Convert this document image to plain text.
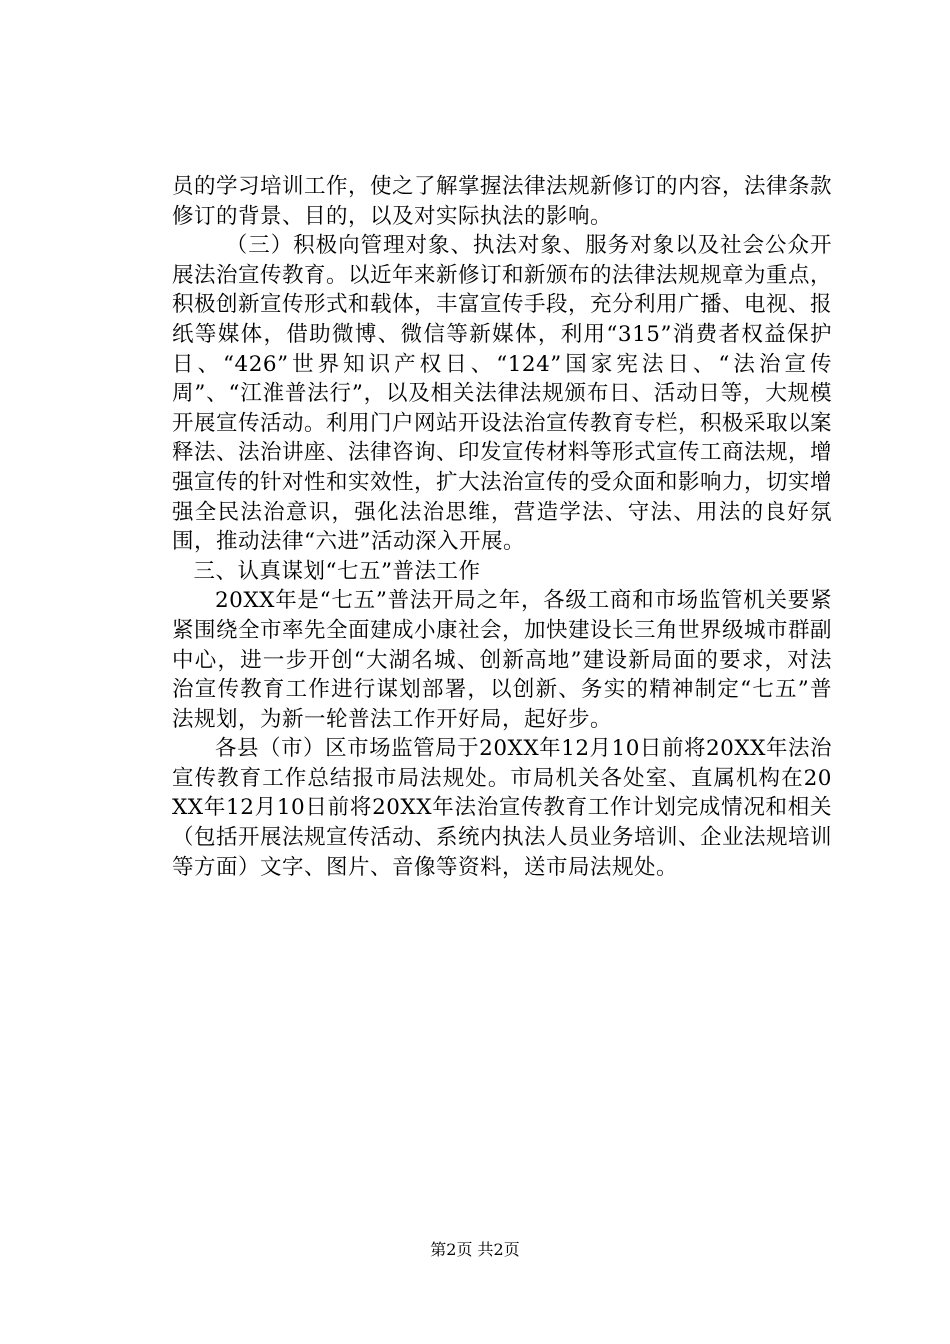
员的学习培训工作，使之了解掌握法律法规新修订的内容，法律条款修订的背景、目的，以及对实际执法的影响。

（三）积极向管理对象、执法对象、服务对象以及社会公众开展法治宣传教育。以近年来新修订和新颁布的法律法规规章为重点，积极创新宣传形式和载体，丰富宣传手段，充分利用广播、电视、报纸等媒体，借助微博、微信等新媒体，利用“315”消费者权益保护日、“426”世界知识产权日、“124”国家宪法日、“法治宣传周”、“江淮普法行”，以及相关法律法规颁布日、活动日等，大规模开展宣传活动。利用门户网站开设法治宣传教育专栏，积极采取以案释法、法治讲座、法律咨询、印发宣传材料等形式宣传工商法规，增强宣传的针对性和实效性，扩大法治宣传的受众面和影响力，切实增强全民法治意识，强化法治思维，营造学法、守法、用法的良好氛围，推动法律“六进”活动深入开展。

三、认真谋划“七五”普法工作

20XX年是“七五”普法开局之年，各级工商和市场监管机关要紧紧围绕全市率先全面建成小康社会，加快建设长三角世界级城市群副中心，进一步开创“大湖名城、创新高地”建设新局面的要求，对法治宣传教育工作进行谋划部署，以创新、务实的精神制定“七五”普法规划，为新一轮普法工作开好局，起好步。

各县（市）区市场监管局于20XX年12月10日前将20XX年法治宣传教育工作总结报市局法规处。市局机关各处室、直属机构在20XX年12月10日前将20XX年法治宣传教育工作计划完成情况和相关（包括开展法规宣传活动、系统内执法人员业务培训、企业法规培训等方面）文字、图片、音像等资料，送市局法规处。

第2页 共2页
